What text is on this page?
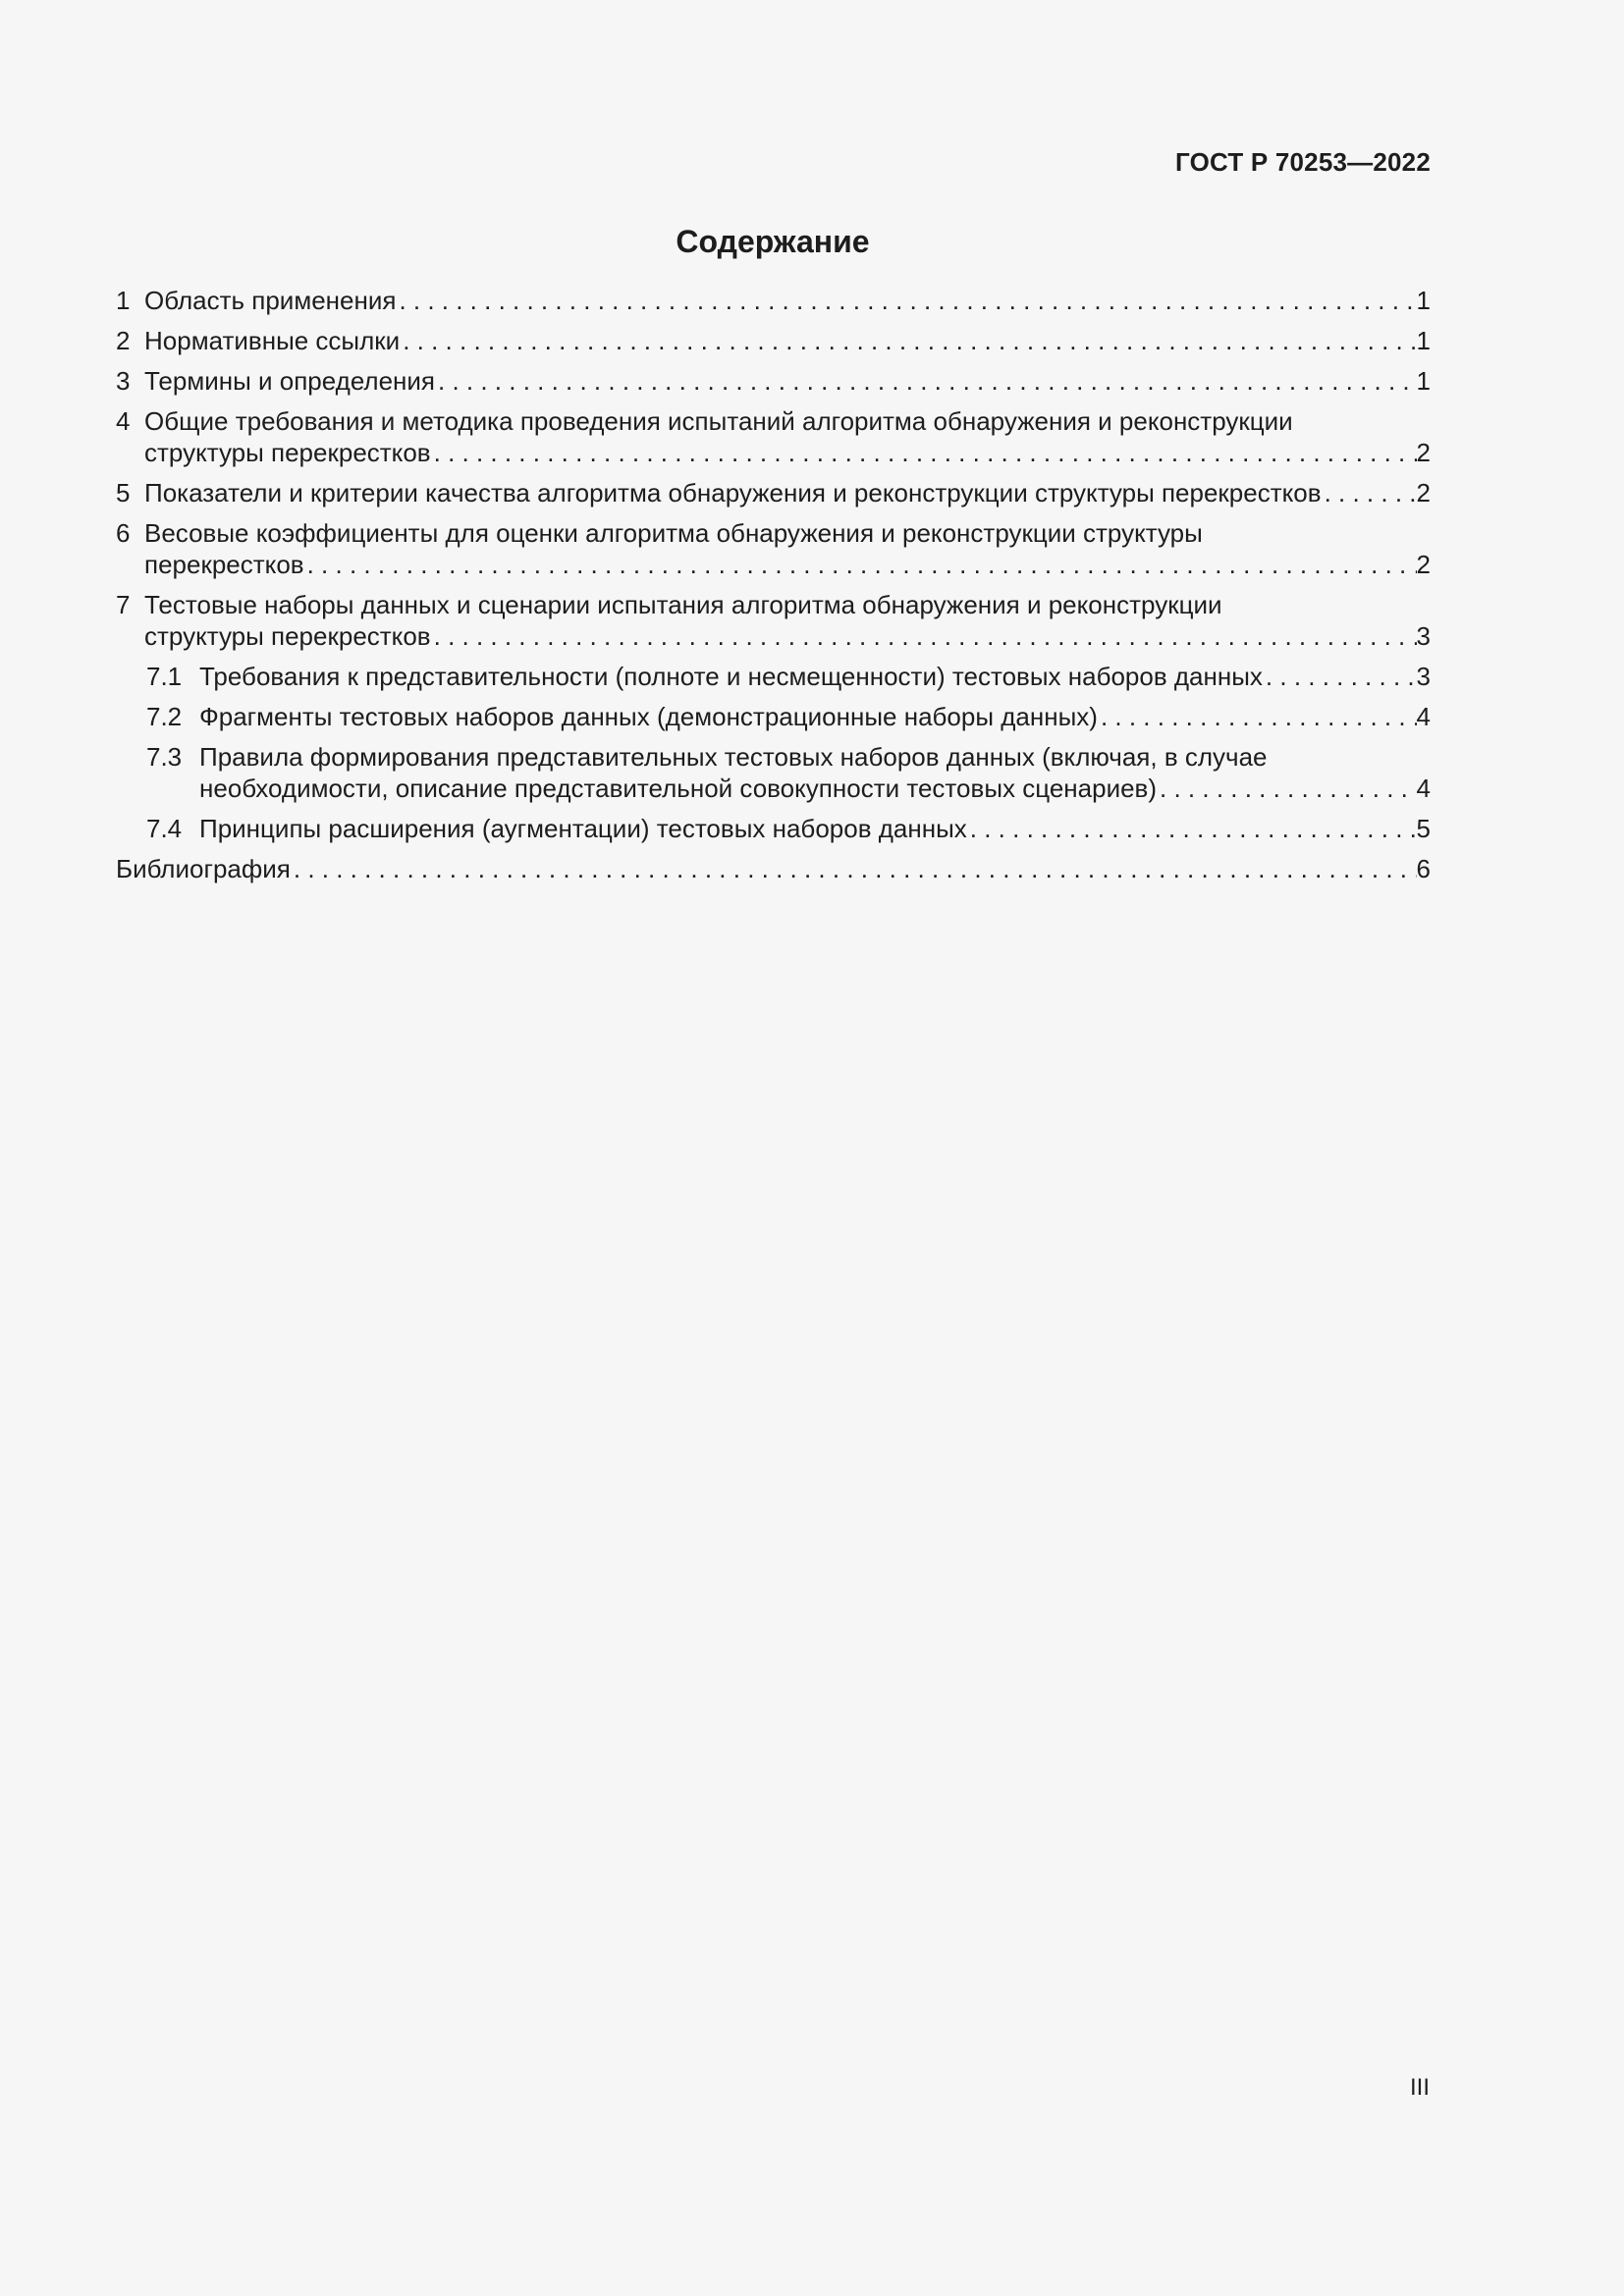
ГОСТ Р 70253—2022
Содержание
1 Область применения . . .	1
2 Нормативные ссылки . . .	1
3 Термины и определения . . .	1
4 Общие требования и методика проведения испытаний алгоритма обнаружения и реконструкции
структуры перекрестков . . .	2
5 Показатели и критерии качества алгоритма обнаружения и реконструкции структуры перекрестков . . .	2
6 Весовые коэффициенты для оценки алгоритма обнаружения и реконструкции структуры
перекрестков . . .	2
7 Тестовые наборы данных и сценарии испытания алгоритма обнаружения и реконструкции
структуры перекрестков . . .	3
7.1 Требования к представительности (полноте и несмещенности) тестовых наборов данных . . .	3
7.2 Фрагменты тестовых наборов данных (демонстрационные наборы данных) . . .	4
7.3 Правила формирования представительных тестовых наборов данных (включая, в случае
необходимости, описание представительной совокупности тестовых сценариев) . . .	4
7.4 Принципы расширения (аугментации) тестовых наборов данных . . .	5
Библиография . . .	6
III
